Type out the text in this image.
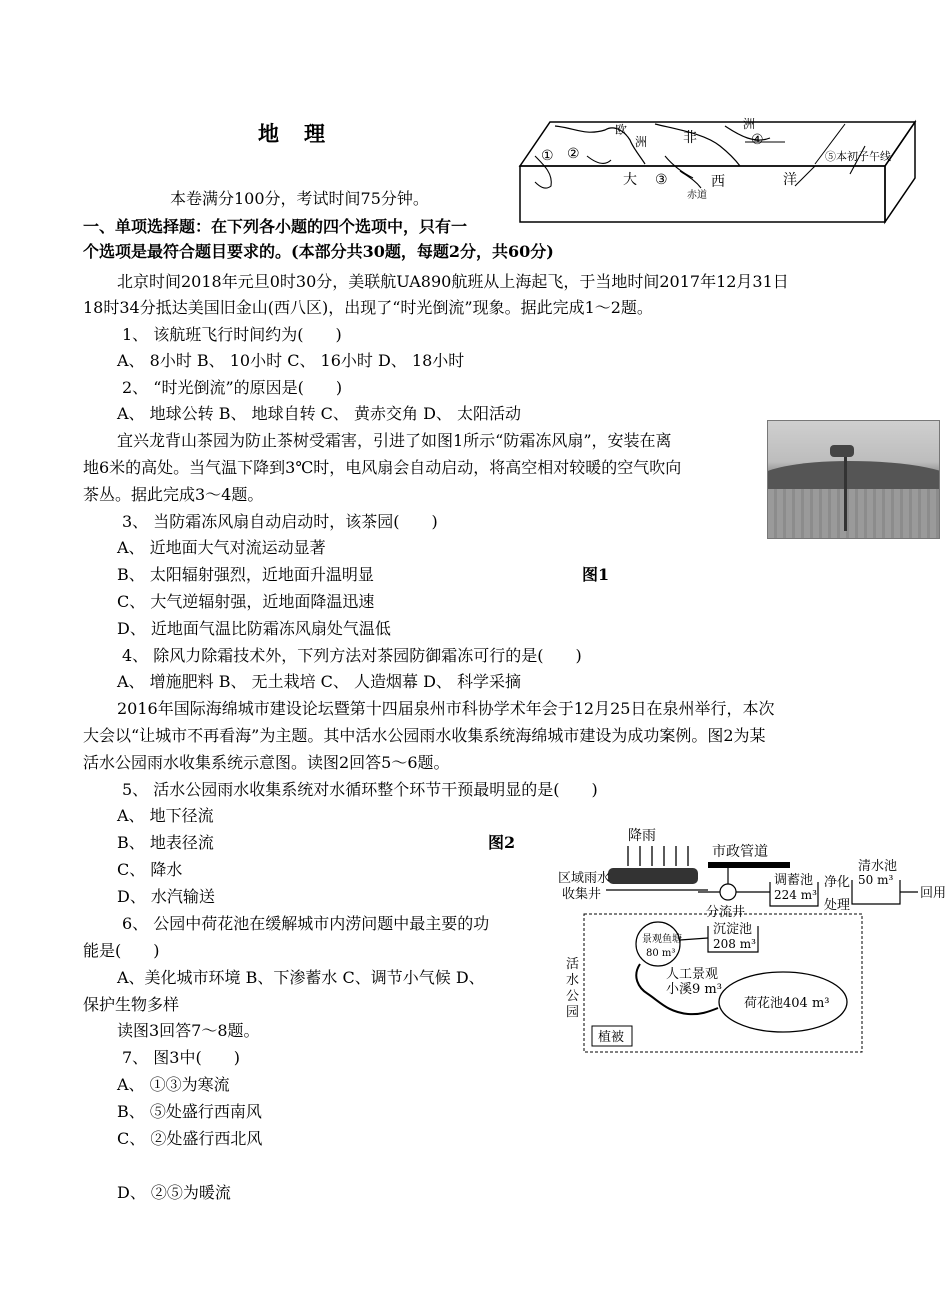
地　理
本卷满分100分，考试时间75分钟。
一、单项选择题：在下列各小题的四个选项中，只有一
个选项是最符合题目要求的。(本部分共30题，每题2分，共60分)
洲
非
欧
洲
① ②
③
④
⑤本初子午线
大	西	洋
赤道
北京时间2018年元旦0时30分，美联航UA890航班从上海起飞，于当地时间2017年12月31日
18时34分抵达美国旧金山(西八区)，出现了“时光倒流”现象。据此完成1～2题。
1、 该航班飞行时间约为(　　)
A、 8小时 B、 10小时 C、 16小时 D、 18小时
2、 “时光倒流”的原因是(　　)
A、 地球公转 B、 地球自转 C、 黄赤交角 D、 太阳活动
宜兴龙背山茶园为防止茶树受霜害，引进了如图1所示“防霜冻风扇”，安装在离
地6米的高处。当气温下降到3℃时，电风扇会自动启动，将高空相对较暖的空气吹向
茶丛。据此完成3～4题。
3、 当防霜冻风扇自动启动时，该茶园(　　)
A、 近地面大气对流运动显著
B、 太阳辐射强烈，近地面升温明显	图1
C、 大气逆辐射强，近地面降温迅速
D、 近地面气温比防霜冻风扇处气温低
4、 除风力除霜技术外，下列方法对茶园防御霜冻可行的是(　　)
A、 增施肥料 B、 无土栽培 C、 人造烟幕 D、 科学采摘
2016年国际海绵城市建设论坛暨第十四届泉州市科协学术年会于12月25日在泉州举行，本次
大会以“让城市不再看海”为主题。其中活水公园雨水收集系统海绵城市建设为成功案例。图2为某
活水公园雨水收集系统示意图。读图2回答5～6题。
5、 活水公园雨水收集系统对水循环整个环节干预最明显的是(　　)
A、 地下径流
B、 地表径流	图2
C、 降水
D、 水汽输送
6、 公园中荷花池在缓解城市内涝问题中最主要的功
能是(　　)
A、美化城市环境 B、下渗蓄水 C、调节小气候 D、
保护生物多样
读图3回答7～8题。
7、 图3中(　　)
A、 ①③为寒流
B、 ⑤处盛行西南风
C、 ②处盛行西北风
D、 ②⑤为暖流
降雨
区域雨水
收集井
市政管道
分流井
调蓄池
224 m³
净化
处理
清水池
50 m³
回用
活
水
公
园
沉淀池
208 m³
景观鱼塘
80 m³
人工景观
小溪9 m³
荷花池404 m³
植被
